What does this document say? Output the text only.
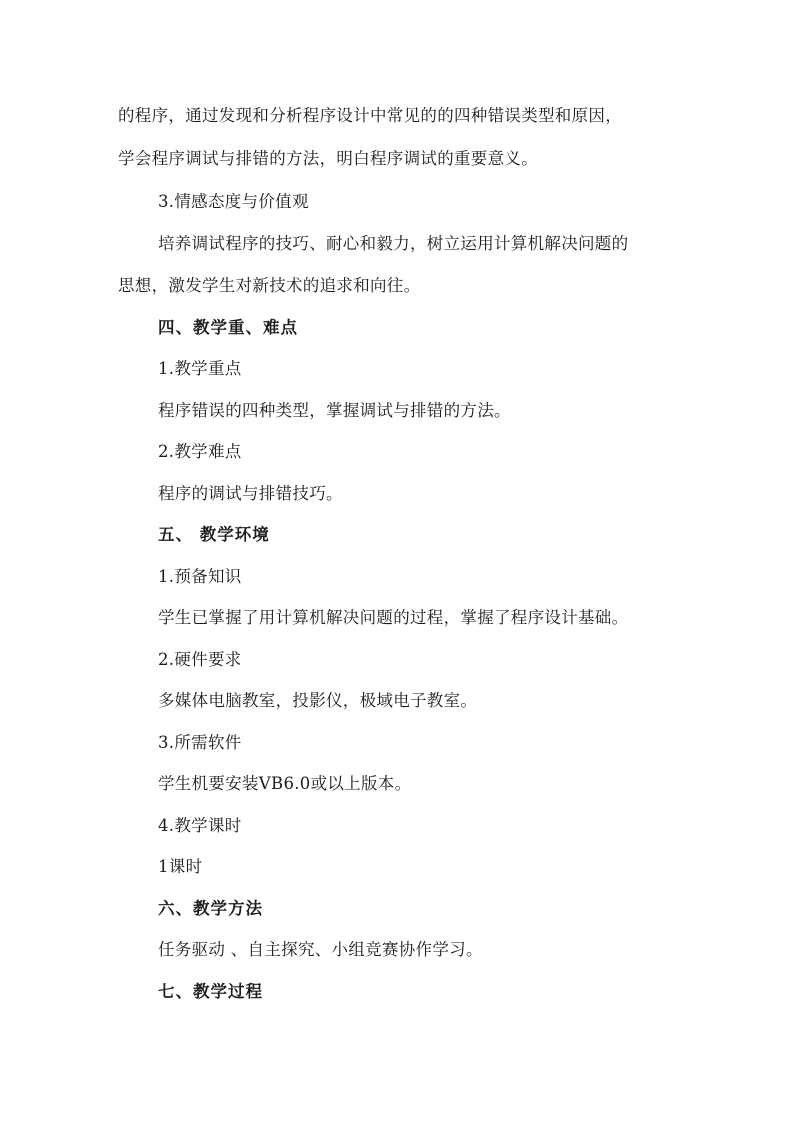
的程序，通过发现和分析程序设计中常见的的四种错误类型和原因，
学会程序调试与排错的方法，明白程序调试的重要意义。
3.情感态度与价值观
培养调试程序的技巧、耐心和毅力，树立运用计算机解决问题的
思想，激发学生对新技术的追求和向往。
四、教学重、难点
1.教学重点
程序错误的四种类型，掌握调试与排错的方法。
2.教学难点
程序的调试与排错技巧。
五、 教学环境
1.预备知识
学生已掌握了用计算机解决问题的过程，掌握了程序设计基础。
2.硬件要求
多媒体电脑教室，投影仪，极域电子教室。
3.所需软件
学生机要安装VB6.0或以上版本。
4.教学课时
1课时
六、教学方法
任务驱动 、自主探究、小组竞赛协作学习。
七、教学过程
